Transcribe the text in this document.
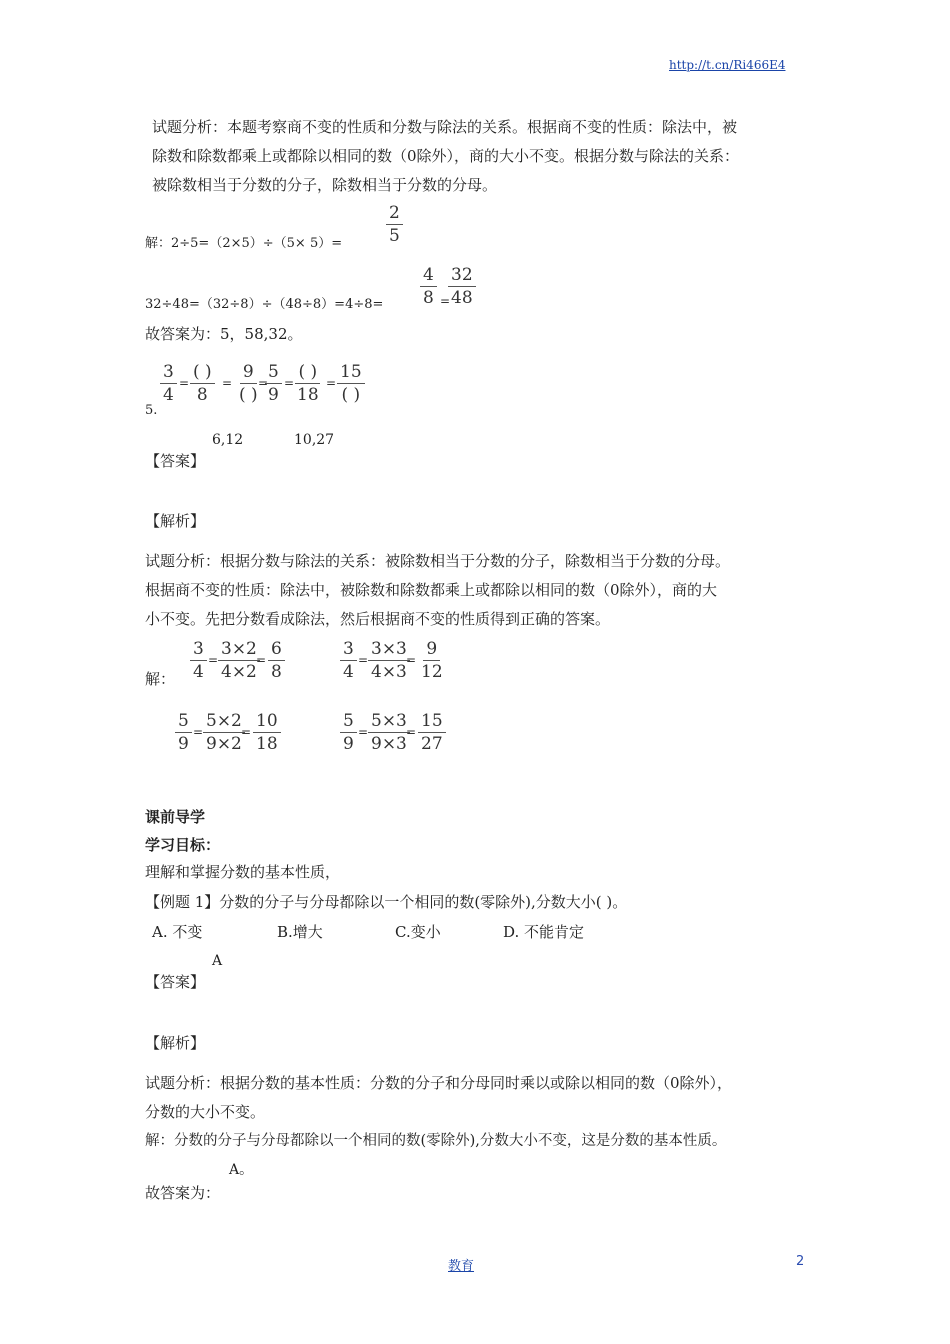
http://t.cn/Ri466E4
试题分析：本题考察商不变的性质和分数与除法的关系。根据商不变的性质：除法中，被
除数和除数都乘上或都除以相同的数（0除外），商的大小不变。根据分数与除法的关系：
被除数相当于分数的分子，除数相当于分数的分母。
解：2÷5=（2×5）÷（5× 5）=	$\frac{2}{5}$
$32\div 48=(32\div 8)\div(48\div 8)=4\div 8= \frac{4}{8}$ =
$\frac{32}{48}$
故答案为：5，58,32。
5.
$\frac{3}{4}$ ( )
8
9
( ) $\frac{5}{9}$ ( )
18
15
( )
=	= = =	=
6,12	10,27
【答案】
【解析】
试题分析：根据分数与除法的关系：被除数相当于分数的分子，除数相当于分数的分母。
根据商不变的性质：除法中，被除数和除数都乘上或都除以相同的数（0除外），商的大
小不变。先把分数看成除法，然后根据商不变的性质得到正确的答案。
解： $\frac{3}{4} \frac{3\times 2}{4\times 2} \frac{6}{8}$
=	=	$\frac{3}{4} \frac{3\times 3}{4\times 3} \frac{9}{12}$
=	=
$\frac{5}{9} \frac{5\times 2}{9\times 2} \frac{10}{18}$
=	=	$\frac{5}{9} \frac{5\times 3}{9\times 3} \frac{15}{27}$
=	=
课前导学
学习目标：
理解和掌握分数的基本性质，
【例题 1】分数的分子与分母都除以一个相同的数(零除外),分数大小( )。
A. 不变	B.增大	C.变小	D. 不能肯定
A
【答案】
【解析】
试题分析：根据分数的基本性质：分数的分子和分母同时乘以或除以相同的数（0除外），
分数的大小不变。
解：分数的分子与分母都除以一个相同的数(零除外),分数大小不变，这是分数的基本性质。
A。
故答案为：
教育	2
